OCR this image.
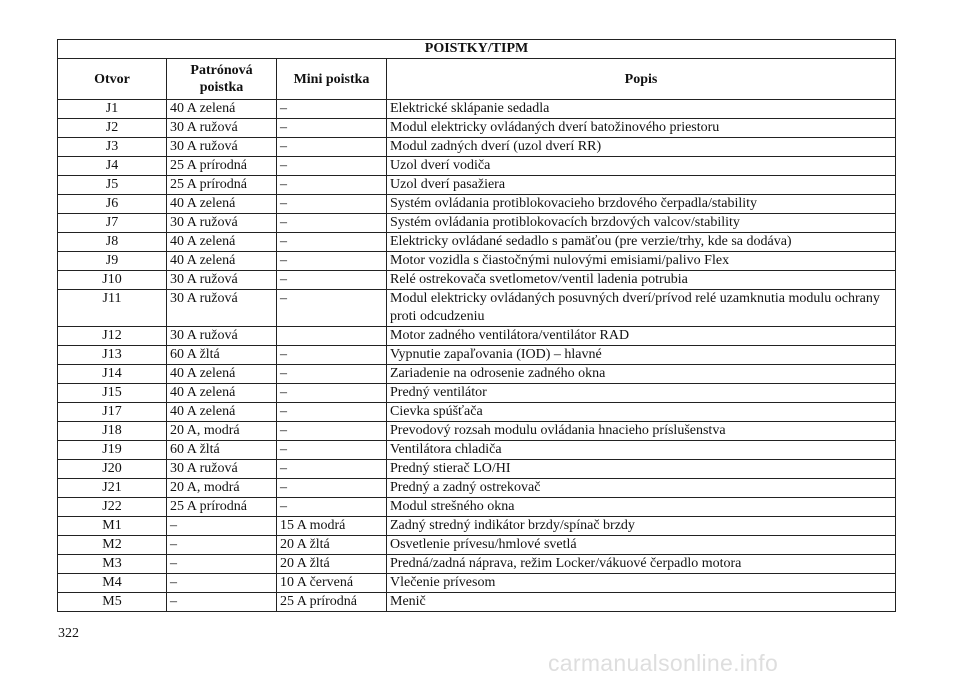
POISTKY/TIPM			
Otvor	Patrónová poistka	Mini poistka	Popis
J1	40 A zelená	–	Elektrické sklápanie sedadla
J2	30 A ružová	–	Modul elektricky ovládaných dverí batožinového priestoru
J3	30 A ružová	–	Modul zadných dverí (uzol dverí RR)
J4	25 A prírodná	–	Uzol dverí vodiča
J5	25 A prírodná	–	Uzol dverí pasažiera
J6	40 A zelená	–	Systém ovládania protiblokovacieho brzdového čerpadla/stability
J7	30 A ružová	–	Systém ovládania protiblokovacích brzdových valcov/stability
J8	40 A zelená	–	Elektricky ovládané sedadlo s pamäťou (pre verzie/trhy, kde sa dodáva)
J9	40 A zelená	–	Motor vozidla s čiastočnými nulovými emisiami/palivo Flex
J10	30 A ružová	–	Relé ostrekovača svetlometov/ventil ladenia potrubia
J11	30 A ružová	–	Modul elektricky ovládaných posuvných dverí/prívod relé uzamknutia modulu ochrany proti odcudzeniu
J12	30 A ružová		Motor zadného ventilátora/ventilátor RAD
J13	60 A žltá	–	Vypnutie zapaľovania (IOD) – hlavné
J14	40 A zelená	–	Zariadenie na odrosenie zadného okna
J15	40 A zelená	–	Predný ventilátor
J17	40 A zelená	–	Cievka spúšťača
J18	20 A, modrá	–	Prevodový rozsah modulu ovládania hnacieho príslušenstva
J19	60 A žltá	–	Ventilátora chladiča
J20	30 A ružová	–	Predný stierač LO/HI
J21	20 A, modrá	–	Predný a zadný ostrekovač
J22	25 A prírodná	–	Modul strešného okna
M1	–	15 A modrá	Zadný stredný indikátor brzdy/spínač brzdy
M2	–	20 A žltá	Osvetlenie prívesu/hmlové svetlá
M3	–	20 A žltá	Predná/zadná náprava, režim Locker/vákuové čerpadlo motora
M4	–	10 A červená	Vlečenie prívesom
M5	–	25 A prírodná	Menič
322
carmanualsonline.info
